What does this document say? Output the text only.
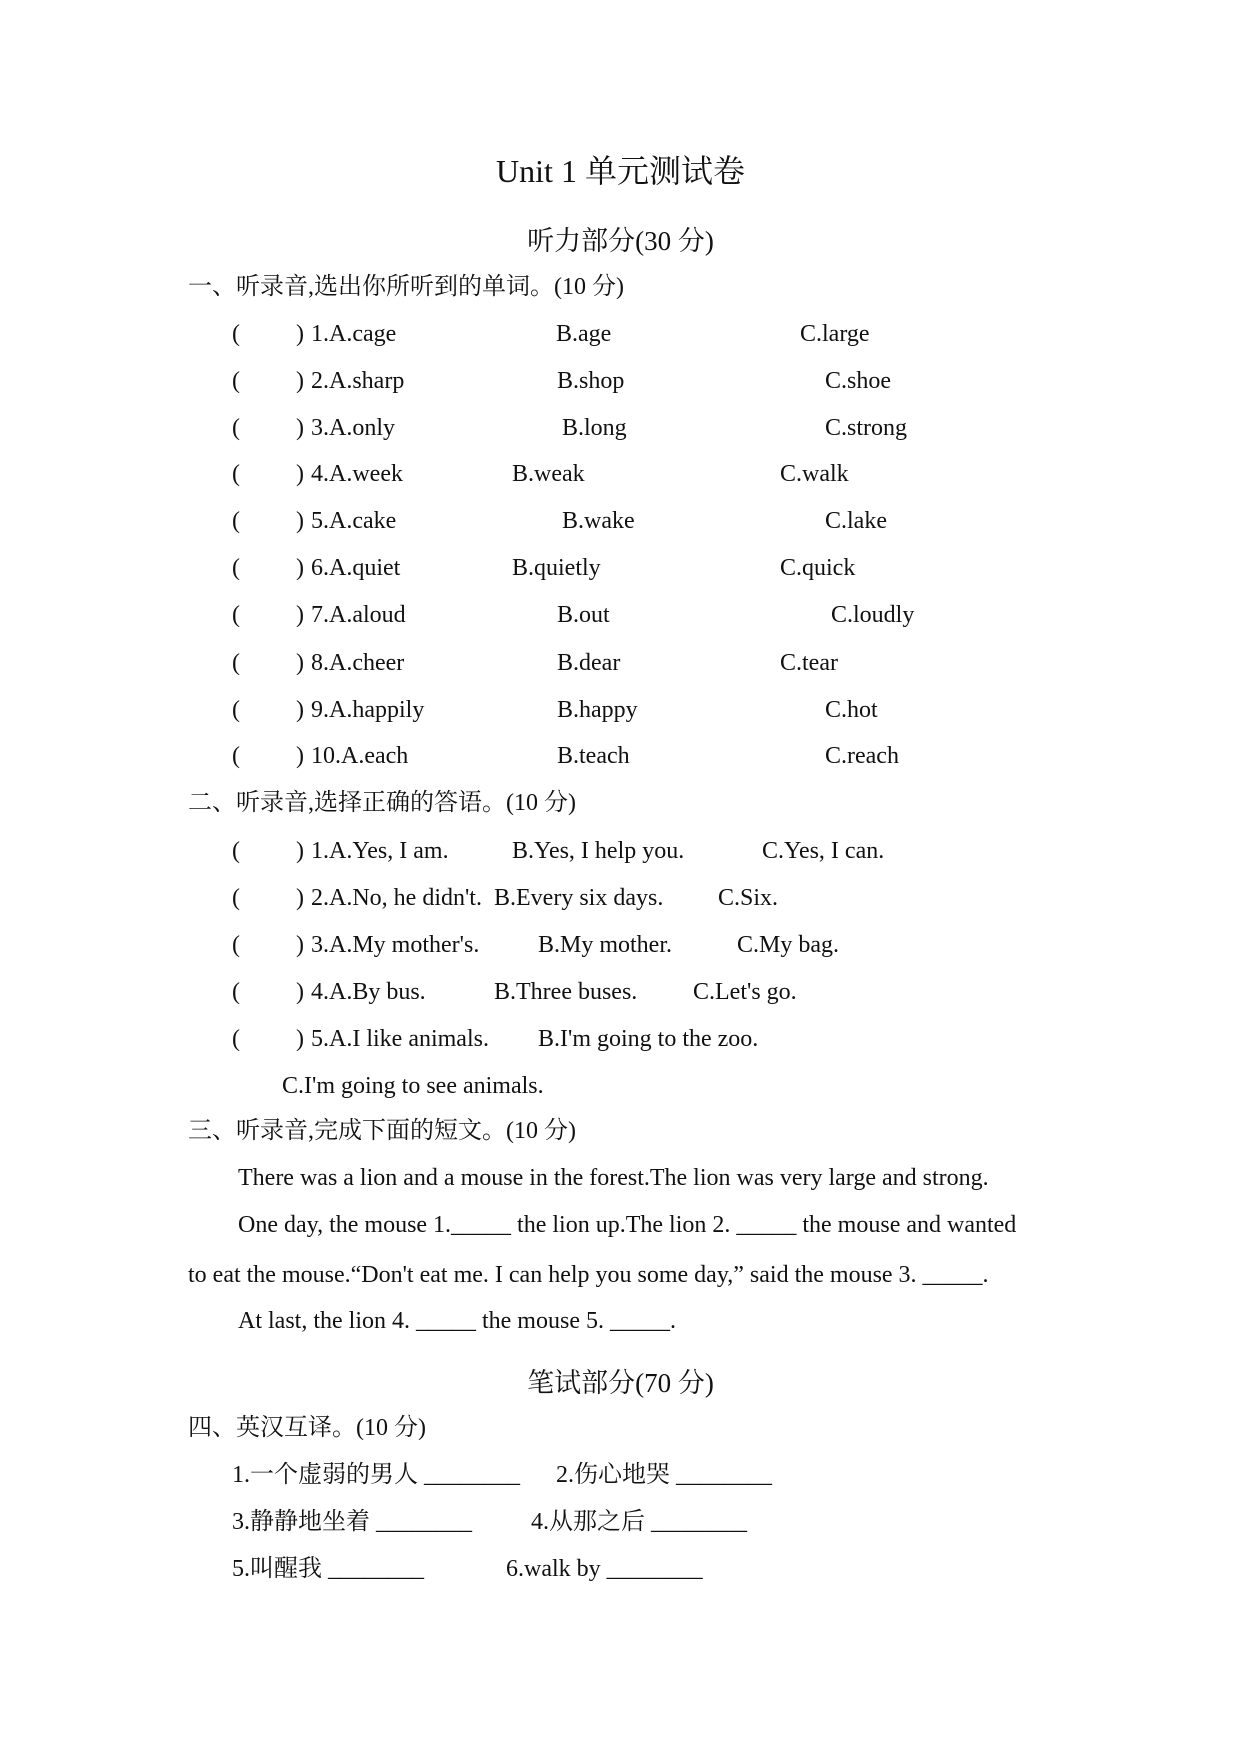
Unit 1 单元测试卷
听力部分(30 分)
一、听录音,选出你所听到的单词。(10 分)
( ) 1.A.cage	B.age	C.large
( ) 2.A.sharp	B.shop	C.shoe
( ) 3.A.only	B.long	C.strong
( ) 4.A.week	B.weak	C.walk
( ) 5.A.cake	B.wake	C.lake
( ) 6.A.quiet	B.quietly	C.quick
( ) 7.A.aloud	B.out	C.loudly
( ) 8.A.cheer	B.dear	C.tear
( ) 9.A.happily	B.happy	C.hot
( ) 10.A.each	B.teach	C.reach
二、听录音,选择正确的答语。(10 分)
( ) 1.A.Yes, I am.	B.Yes, I help you.	C.Yes, I can.
( ) 2.A.No, he didn't. B.Every six days. C.Six.
( ) 3.A.My mother's. B.My mother.	C.My bag.
( ) 4.A.By bus.	B.Three buses. C.Let's go.
( ) 5.A.I like animals. B.I'm going to the zoo.
C.I'm going to see animals.
三、听录音,完成下面的短文。(10 分)
There was a lion and a mouse in the forest.The lion was very large and strong.
One day, the mouse 1._____ the lion up.The lion 2. _____ the mouse and wanted
to eat the mouse.“Don't eat me. I can help you some day,” said the mouse 3. _____.
At last, the lion 4. _____ the mouse 5. _____.
笔试部分(70 分)
四、英汉互译。(10 分)
1.一个虚弱的男人 ________ 2.伤心地哭 ________
3.静静地坐着 ________ 4.从那之后 ________
5.叫醒我 ________	6.walk by ________
